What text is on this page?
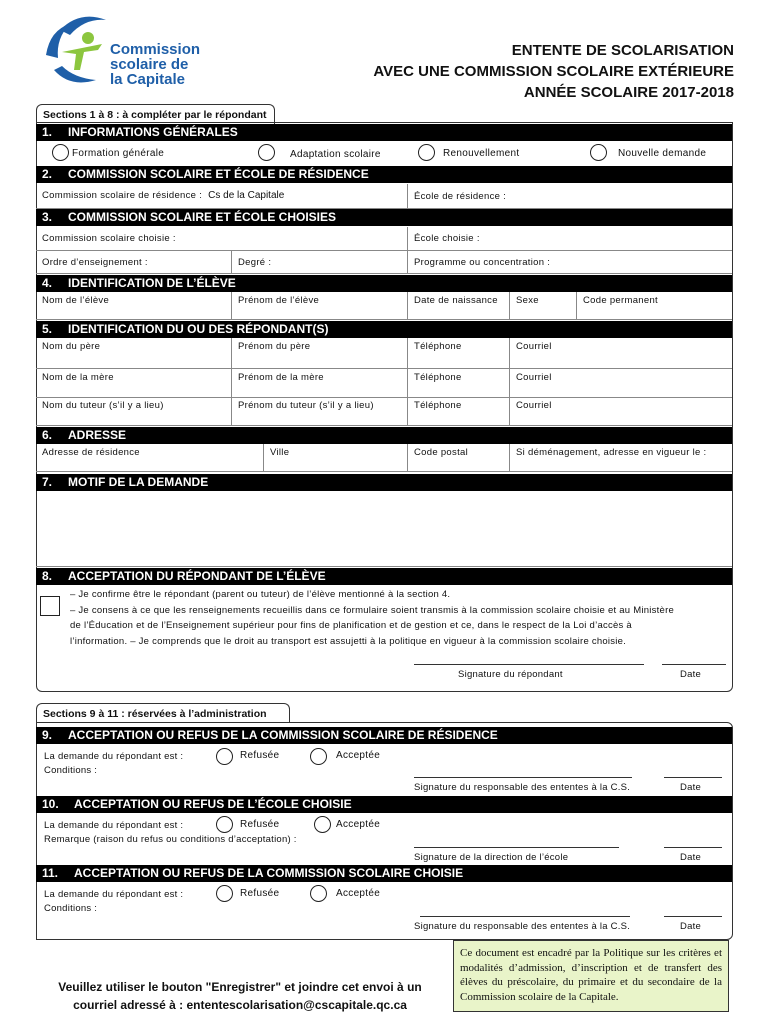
Commission
scolaire de
la Capitale
ENTENTE DE SCOLARISATION
AVEC UNE COMMISSION SCOLAIRE EXTÉRIEURE
ANNÉE SCOLAIRE 2017-2018
Sections 1 à 8 : à compléter par le répondant
1. INFORMATIONS GÉNÉRALES
Formation générale	Adaptation scolaire	Renouvellement	Nouvelle demande
2. COMMISSION SCOLAIRE ET ÉCOLE DE RÉSIDENCE
Commission scolaire de résidence : Cs de la Capitale	École de résidence :
3. COMMISSION SCOLAIRE ET ÉCOLE CHOISIES
Commission scolaire choisie :	École choisie :
Ordre d’enseignement :	Degré :	Programme ou concentration :
4. IDENTIFICATION DE L’ÉLÈVE
Nom de l’élève	Prénom de l’élève	Date de naissance	Sexe	Code permanent
5. IDENTIFICATION DU OU DES RÉPONDANT(S)
Nom du père	Prénom du père	Téléphone	Courriel
Nom de la mère	Prénom de la mère	Téléphone	Courriel
Nom du tuteur (s’il y a lieu)	Prénom du tuteur (s’il y a lieu)	Téléphone	Courriel
6. ADRESSE
Adresse de résidence	Ville	Code postal	Si déménagement, adresse en vigueur le :
7. MOTIF DE LA DEMANDE
8. ACCEPTATION DU RÉPONDANT DE L’ÉLÈVE
– Je confirme être le répondant (parent ou tuteur) de l’élève mentionné à la section 4.
– Je consens à ce que les renseignements recueillis dans ce formulaire soient transmis à la commission scolaire choisie et au Ministère
de l’Éducation et de l’Enseignement supérieur pour fins de planification et de gestion et ce, dans le respect de la Loi d’accès à
l’information. – Je comprends que le droit au transport est assujetti à la politique en vigueur à la commission scolaire choisie.
Signature du répondant	Date
Sections 9 à 11 : réservées à l’administration
9. ACCEPTATION OU REFUS DE LA COMMISSION SCOLAIRE DE RÉSIDENCE
La demande du répondant est :
Conditions :
Refusée	Acceptée
Signature du responsable des ententes à la C.S.	Date
10. ACCEPTATION OU REFUS DE L’ÉCOLE CHOISIE
La demande du répondant est :
Remarque (raison du refus ou conditions d’acceptation) :
Refusée	Acceptée
Signature de la direction de l’école	Date
11. ACCEPTATION OU REFUS DE LA COMMISSION SCOLAIRE CHOISIE
La demande du répondant est :
Conditions :
Refusée	Acceptée
Signature du responsable des ententes à la C.S.	Date
Veuillez utiliser le bouton "Enregistrer" et joindre cet envoi à un
courriel adressé à : ententescolarisation@cscapitale.qc.ca
Ce document est encadré par la Politique sur les critères et modalités d’admission, d’inscription et de transfert des élèves du préscolaire, du primaire et du secondaire de la Commission scolaire de la Capitale.
